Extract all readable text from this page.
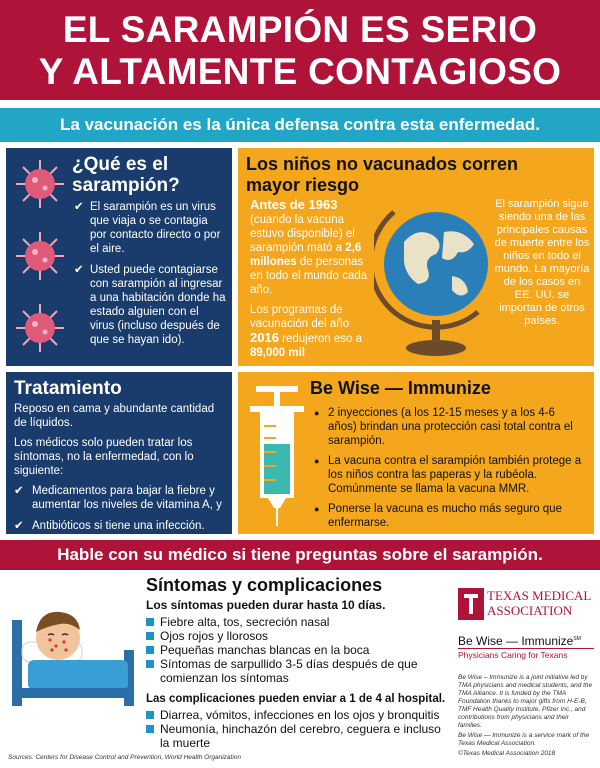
EL SARAMPIÓN ES SERIO
Y ALTAMENTE CONTAGIOSO
La vacunación es la única defensa contra esta enfermedad.
¿Qué es el
sarampión?
✔ El sarampión es un virus que viaja o se contagia por contacto directo o por el aire.
✔ Usted puede contagiarse con sarampión al ingresar a una habitación donde ha estado alguien con el virus (incluso después de que se hayan ido).
Los niños no vacunados corren
mayor riesgo

Antes de 1963
(cuando la vacuna estuvo disponible) el sarampión mató a 2,6 millones de personas en todo el mundo cada año.

Los programas de vacunación del año 2016 redujeron eso a 89,000 mil

El sarampión sigue siendo una de las principales causas de muerte entre los niños en todo el mundo. La mayoría de los casos en EE. UU. se importan de otros países.
Tratamiento

Reposo en cama y abundante cantidad de líquidos.

Los médicos solo pueden tratar los síntomas, no la enfermedad, con lo siguiente:

✔ Medicamentos para bajar la fiebre y aumentar los niveles de vitamina A, y
✔ Antibióticos si tiene una infección.
Be Wise — Immunize
● 2 inyecciones (a los 12-15 meses y a los 4-6 años) brindan una protección casi total contra el sarampión.
● La vacuna contra el sarampión también protege a los niños contra las paperas y la rubéola. Comúnmente se llama la vacuna MMR.
● Ponerse la vacuna es mucho más seguro que enfermarse.
Hable con su médico si tiene preguntas sobre el sarampión.
Síntomas y complicaciones
Los síntomas pueden durar hasta 10 días.
Fiebre alta, tos, secreción nasal
Ojos rojos y llorosos
Pequeñas manchas blancas en la boca
Síntomas de sarpullido 3-5 días después de que comienzan los síntomas
Las complicaciones pueden enviar a 1 de 4 al hospital.
Diarrea, vómitos, infecciones en los ojos y bronquitis
Neumonía, hinchazón del cerebro, ceguera e incluso la muerte
TEXAS MEDICAL
ASSOCIATION
Be Wise — Immunize℠
Physicians Caring for Texans
Be Wise – Immunize is a joint initiative led by TMA physicians and medical students, and the TMA Alliance. It is funded by the TMA Foundation thanks to major gifts from H-E-B, TMF Health Quality Institute, Pfizer Inc., and contributions from physicians and their families.
Be Wise — Immunize is a service mark of the Texas Medical Association.
©Texas Medical Association 2018
Sources: Centers for Disease Control and Prevention, World Health Organization
